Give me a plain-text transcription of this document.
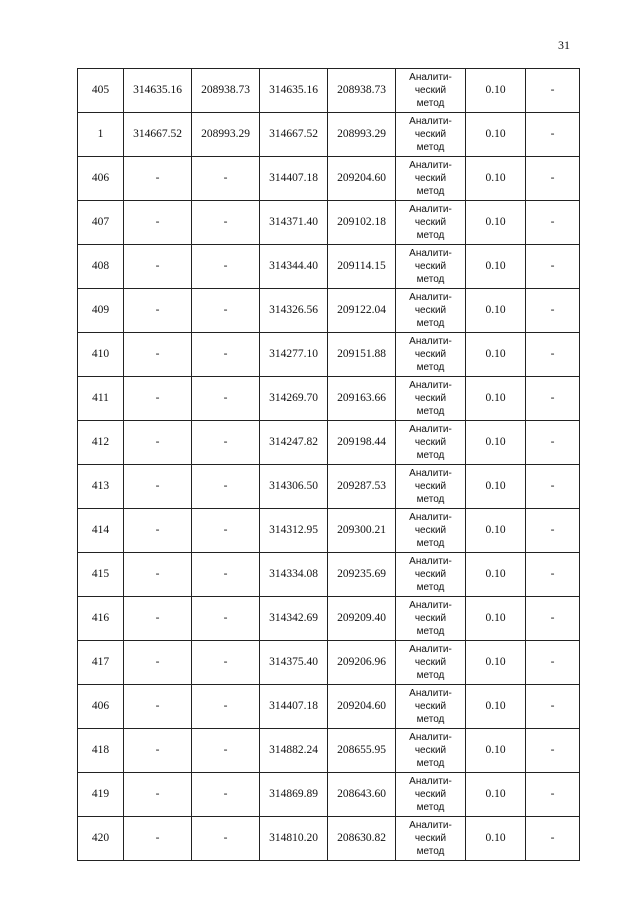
31
405	314635.16	208938.73	314635.16	208938.73	Аналити-
ческий
метод	0.10	-
1	314667.52	208993.29	314667.52	208993.29	Аналити-
ческий
метод	0.10	-
406	-	-	314407.18	209204.60	Аналити-
ческий
метод	0.10	-
407	-	-	314371.40	209102.18	Аналити-
ческий
метод	0.10	-
408	-	-	314344.40	209114.15	Аналити-
ческий
метод	0.10	-
409	-	-	314326.56	209122.04	Аналити-
ческий
метод	0.10	-
410	-	-	314277.10	209151.88	Аналити-
ческий
метод	0.10	-
411	-	-	314269.70	209163.66	Аналити-
ческий
метод	0.10	-
412	-	-	314247.82	209198.44	Аналити-
ческий
метод	0.10	-
413	-	-	314306.50	209287.53	Аналити-
ческий
метод	0.10	-
414	-	-	314312.95	209300.21	Аналити-
ческий
метод	0.10	-
415	-	-	314334.08	209235.69	Аналити-
ческий
метод	0.10	-
416	-	-	314342.69	209209.40	Аналити-
ческий
метод	0.10	-
417	-	-	314375.40	209206.96	Аналити-
ческий
метод	0.10	-
406	-	-	314407.18	209204.60	Аналити-
ческий
метод	0.10	-
418	-	-	314882.24	208655.95	Аналити-
ческий
метод	0.10	-
419	-	-	314869.89	208643.60	Аналити-
ческий
метод	0.10	-
420	-	-	314810.20	208630.82	Аналити-
ческий
метод	0.10	-
